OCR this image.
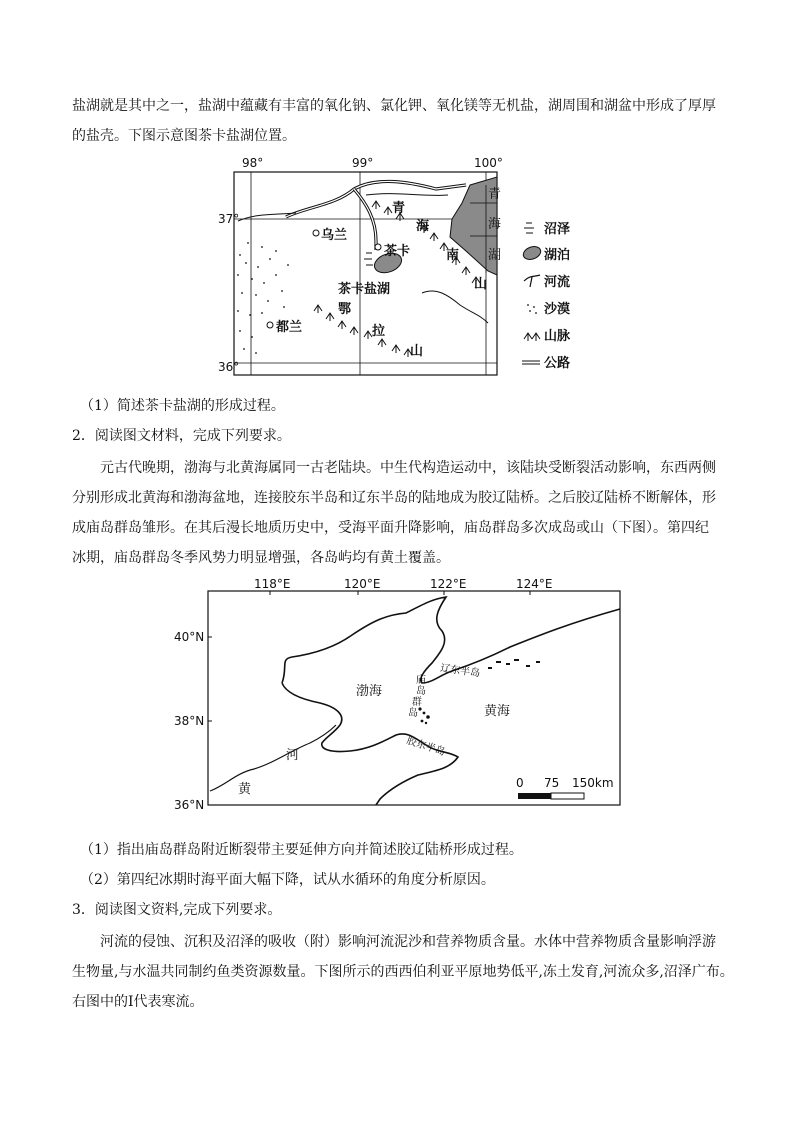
盐湖就是其中之一，盐湖中蕴藏有丰富的氧化钠、氯化钾、氧化镁等无机盐，湖周围和湖盆中形成了厚厚
的盐壳。下图示意图茶卡盐湖位置。
98°	99°	100°
37°
36°
青
海
湖
乌兰
都兰
茶卡
茶卡盐湖
青
海
南
山
鄂
拉
山
沼泽
湖泊
河流
沙漠
山脉
公路
（1）简述茶卡盐湖的形成过程。
2．阅读图文材料，完成下列要求。
元古代晚期，渤海与北黄海属同一古老陆块。中生代构造运动中，该陆块受断裂活动影响，东西两侧
分别形成北黄海和渤海盆地，连接胶东半岛和辽东半岛的陆地成为胶辽陆桥。之后胶辽陆桥不断解体，形
成庙岛群岛雏形。在其后漫长地质历史中，受海平面升降影响，庙岛群岛多次成岛或山（下图）。第四纪
冰期，庙岛群岛冬季风势力明显增强，各岛屿均有黄土覆盖。
118°E	120°E	122°E	124°E
40°N
38°N
36°N
渤海
黄海
辽东半岛
胶东半岛
庙
岛
群
岛
河
黄	0 75 150km
（1）指出庙岛群岛附近断裂带主要延伸方向并简述胶辽陆桥形成过程。
（2）第四纪冰期时海平面大幅下降，试从水循环的角度分析原因。
3．阅读图文资料,完成下列要求。
河流的侵蚀、沉积及沼泽的吸收（附）影响河流泥沙和营养物质含量。水体中营养物质含量影响浮游
生物量,与水温共同制约鱼类资源数量。下图所示的西西伯利亚平原地势低平,冻土发育,河流众多,沼泽广布。
右图中的Ⅰ代表寒流。
